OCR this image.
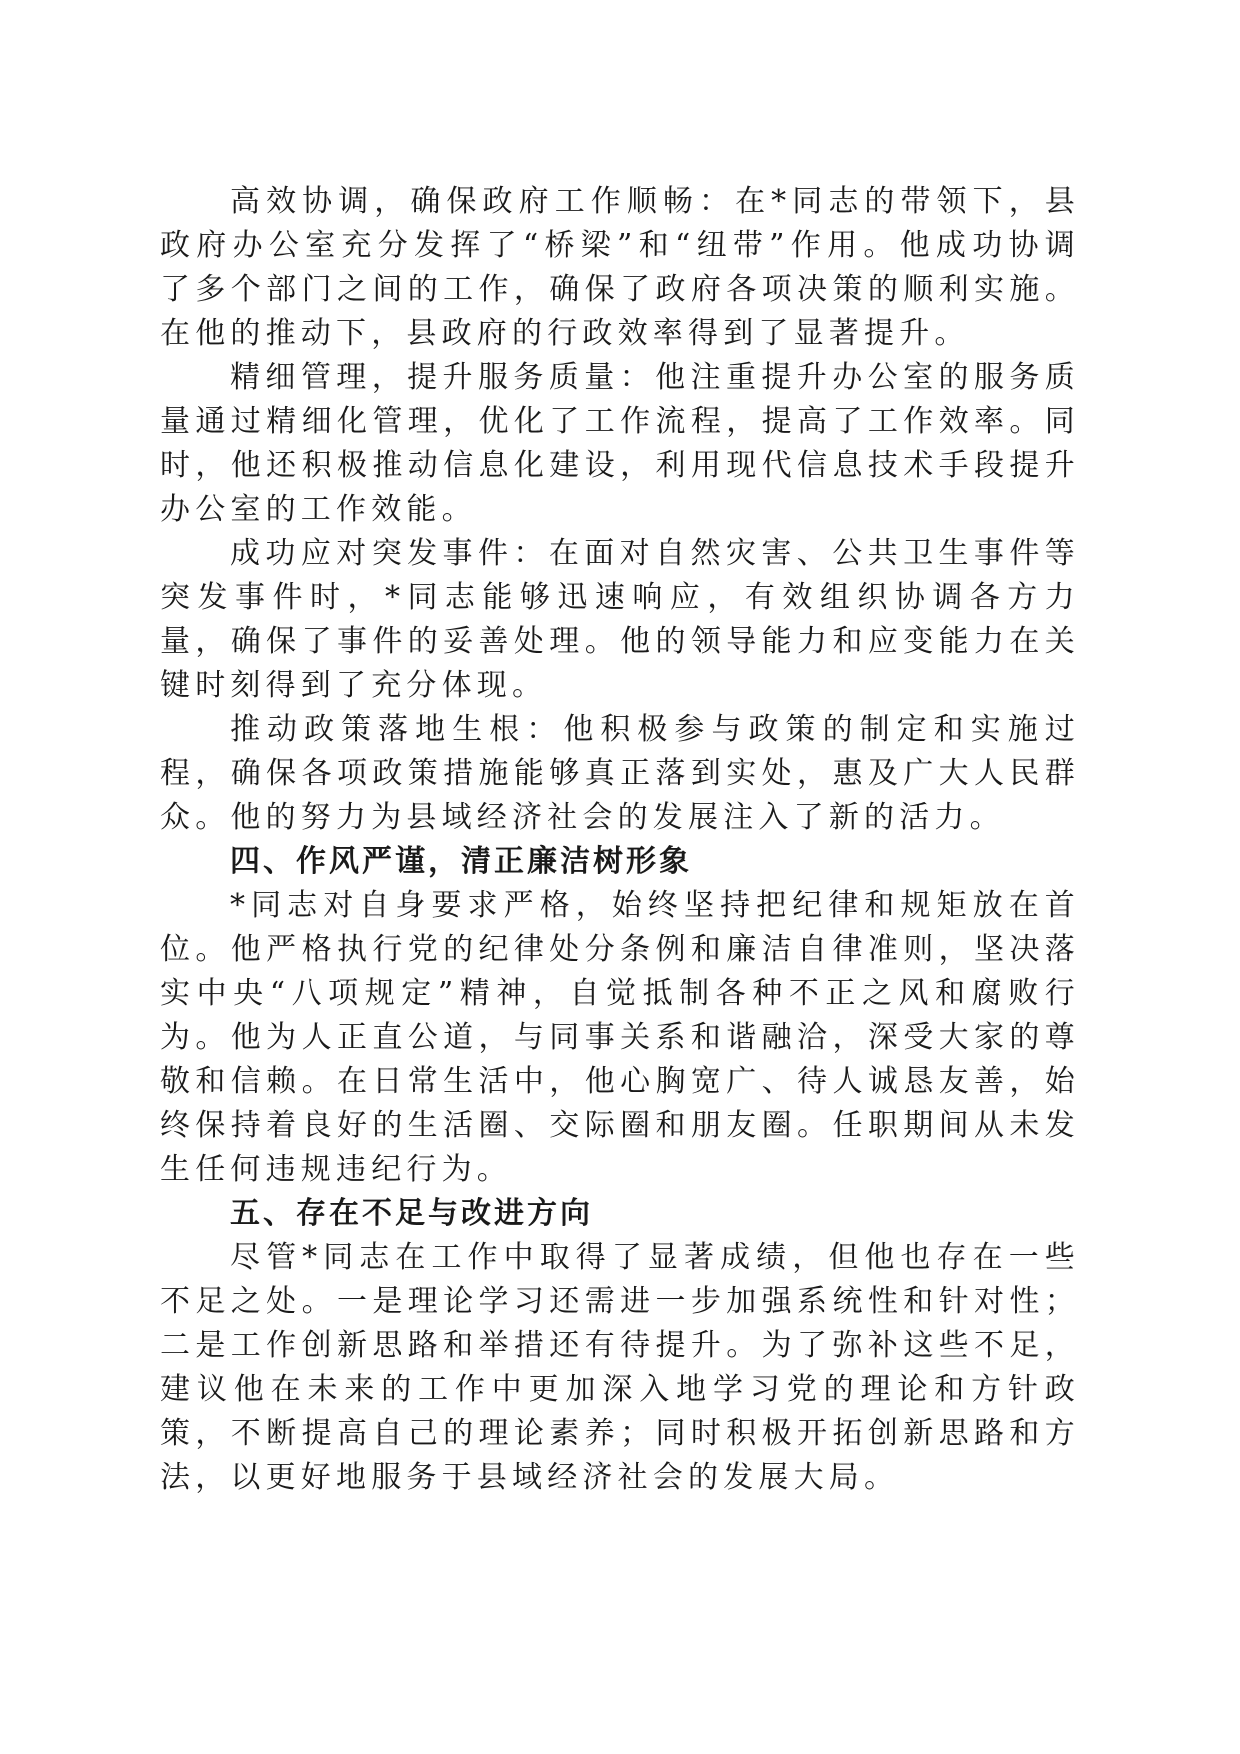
高效协调，确保政府工作顺畅：在*同志的带领下，县政府办公室充分发挥了“桥梁”和“纽带”作用。他成功协调了多个部门之间的工作，确保了政府各项决策的顺利实施。在他的推动下，县政府的行政效率得到了显著提升。

精细管理，提升服务质量：他注重提升办公室的服务质量通过精细化管理，优化了工作流程，提高了工作效率。同时，他还积极推动信息化建设，利用现代信息技术手段提升办公室的工作效能。

成功应对突发事件：在面对自然灾害、公共卫生事件等突发事件时，*同志能够迅速响应，有效组织协调各方力量，确保了事件的妥善处理。他的领导能力和应变能力在关键时刻得到了充分体现。

推动政策落地生根：他积极参与政策的制定和实施过程，确保各项政策措施能够真正落到实处，惠及广大人民群众。他的努力为县域经济社会的发展注入了新的活力。

四、作风严谨，清正廉洁树形象

*同志对自身要求严格，始终坚持把纪律和规矩放在首位。他严格执行党的纪律处分条例和廉洁自律准则，坚决落实中央“八项规定”精神，自觉抵制各种不正之风和腐败行为。他为人正直公道，与同事关系和谐融洽，深受大家的尊敬和信赖。在日常生活中，他心胸宽广、待人诚恳友善，始终保持着良好的生活圈、交际圈和朋友圈。任职期间从未发生任何违规违纪行为。

五、存在不足与改进方向

尽管*同志在工作中取得了显著成绩，但他也存在一些不足之处。一是理论学习还需进一步加强系统性和针对性；二是工作创新思路和举措还有待提升。为了弥补这些不足，建议他在未来的工作中更加深入地学习党的理论和方针政策，不断提高自己的理论素养；同时积极开拓创新思路和方法，以更好地服务于县域经济社会的发展大局。
